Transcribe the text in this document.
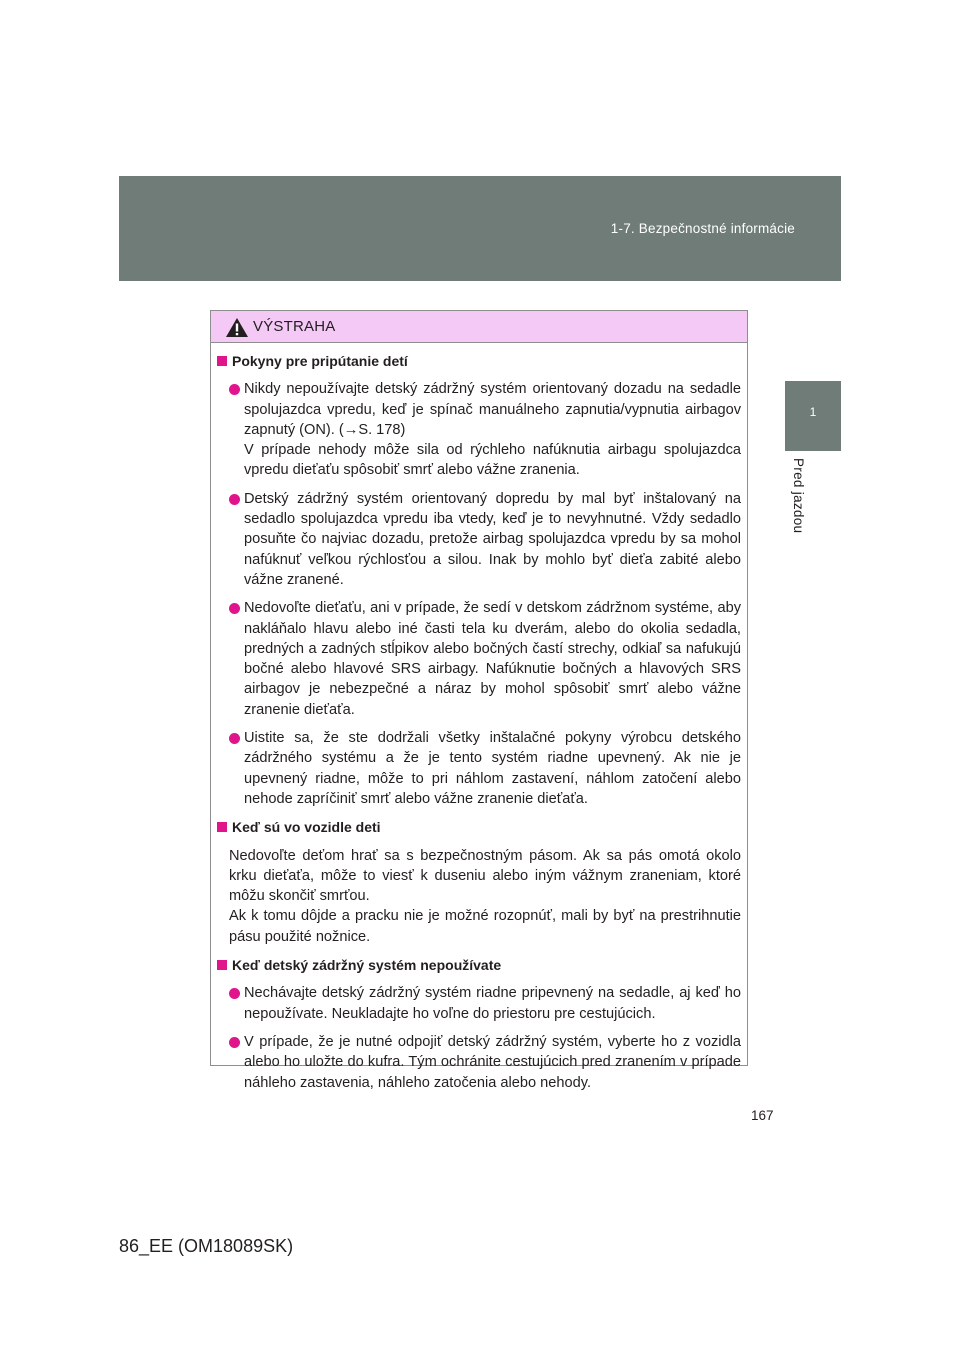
1-7. Bezpečnostné informácie
1
Pred jazdou
VÝSTRAHA
Pokyny pre pripútanie detí
Nikdy nepoužívajte detský zádržný systém orientovaný dozadu na sedadle spolujazdca vpredu, keď je spínač manuálneho zapnutia/vypnutia airbagov zapnutý (ON). (→S. 178)
V prípade nehody môže sila od rýchleho nafúknutia airbagu spolujazdca vpredu dieťaťu spôsobiť smrť alebo vážne zranenia.
Detský zádržný systém orientovaný dopredu by mal byť inštalovaný na sedadlo spolujazdca vpredu iba vtedy, keď je to nevyhnutné. Vždy sedadlo posuňte čo najviac dozadu, pretože airbag spolujazdca vpredu by sa mohol nafúknuť veľkou rýchlosťou a silou. Inak by mohlo byť dieťa zabité alebo vážne zranené.
Nedovoľte dieťaťu, ani v prípade, že sedí v detskom zádržnom systéme, aby nakláňalo hlavu alebo iné časti tela ku dverám, alebo do okolia sedadla, predných a zadných stĺpikov alebo bočných častí strechy, odkiaľ sa nafukujú bočné alebo hlavové SRS airbagy. Nafúknutie bočných a hlavových SRS airbagov je nebezpečné a náraz by mohol spôsobiť smrť alebo vážne zranenie dieťaťa.
Uistite sa, že ste dodržali všetky inštalačné pokyny výrobcu detského zádržného systému a že je tento systém riadne upevnený. Ak nie je upevnený riadne, môže to pri náhlom zastavení, náhlom zatočení alebo nehode zapríčiniť smrť alebo vážne zranenie dieťaťa.
Keď sú vo vozidle deti
Nedovoľte deťom hrať sa s bezpečnostným pásom. Ak sa pás omotá okolo krku dieťaťa, môže to viesť k duseniu alebo iným vážnym zraneniam, ktoré môžu skončiť smrťou.
Ak k tomu dôjde a pracku nie je možné rozopnúť, mali by byť na prestrihnutie pásu použité nožnice.
Keď detský zádržný systém nepoužívate
Nechávajte detský zádržný systém riadne pripevnený na sedadle, aj keď ho nepoužívate. Neukladajte ho voľne do priestoru pre cestujúcich.
V prípade, že je nutné odpojiť detský zádržný systém, vyberte ho z vozidla alebo ho uložte do kufra. Tým ochránite cestujúcich pred zranením v prípade náhleho zastavenia, náhleho zatočenia alebo nehody.
167
86_EE (OM18089SK)
